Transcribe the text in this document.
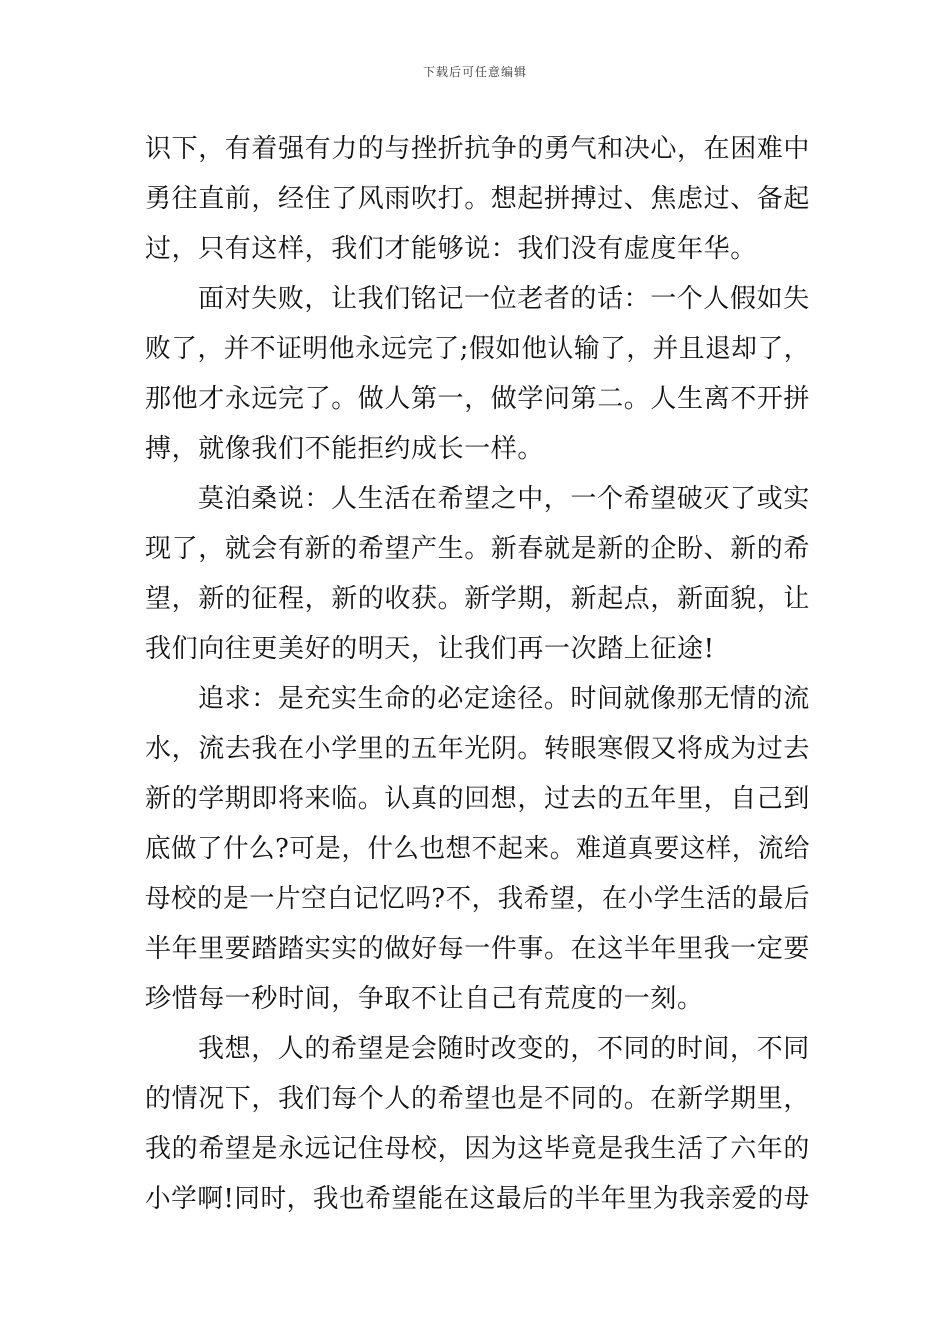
下载后可任意编辑
识下，有着强有力的与挫折抗争的勇气和决心，在困难中
勇往直前，经住了风雨吹打。想起拼搏过、焦虑过、备起
过，只有这样，我们才能够说：我们没有虚度年华。
面对失败，让我们铭记一位老者的话：一个人假如失
败了，并不证明他永远完了;假如他认输了，并且退却了，
那他才永远完了。做人第一，做学问第二。人生离不开拼
搏，就像我们不能拒约成长一样。
莫泊桑说：人生活在希望之中，一个希望破灭了或实
现了，就会有新的希望产生。新春就是新的企盼、新的希
望，新的征程，新的收获。新学期，新起点，新面貌，让
我们向往更美好的明天，让我们再一次踏上征途!
追求：是充实生命的必定途径。时间就像那无情的流
水，流去我在小学里的五年光阴。转眼寒假又将成为过去
新的学期即将来临。认真的回想，过去的五年里，自己到
底做了什么?可是，什么也想不起来。难道真要这样，流给
母校的是一片空白记忆吗?不，我希望，在小学生活的最后
半年里要踏踏实实的做好每一件事。在这半年里我一定要
珍惜每一秒时间，争取不让自己有荒度的一刻。
我想，人的希望是会随时改变的，不同的时间，不同
的情况下，我们每个人的希望也是不同的。在新学期里，
我的希望是永远记住母校，因为这毕竟是我生活了六年的
小学啊!同时，我也希望能在这最后的半年里为我亲爱的母
